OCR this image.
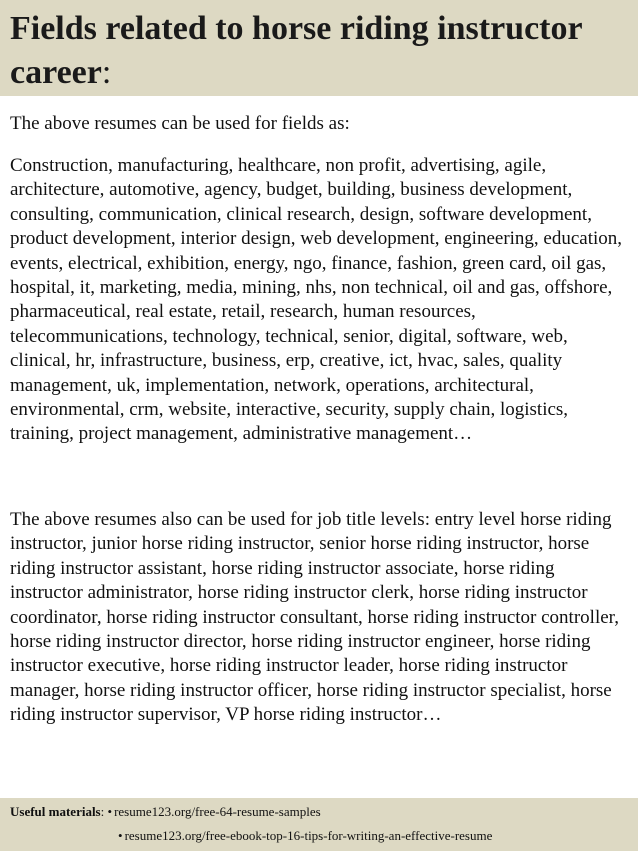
Fields related to horse riding instructor career:

The above resumes can be used for fields as:

Construction, manufacturing, healthcare, non profit, advertising, agile, architecture, automotive, agency, budget, building, business development, consulting, communication, clinical research, design, software development, product development, interior design, web development, engineering, education, events, electrical, exhibition, energy, ngo, finance, fashion, green card, oil gas, hospital, it, marketing, media, mining, nhs, non technical, oil and gas, offshore, pharmaceutical, real estate, retail, research, human resources, telecommunications, technology, technical, senior, digital, software, web, clinical, hr, infrastructure, business, erp, creative, ict, hvac, sales, quality management, uk, implementation, network, operations, architectural, environmental, crm, website, interactive, security, supply chain, logistics, training, project management, administrative management…

The above resumes also can be used for job title levels: entry level horse riding instructor, junior horse riding instructor, senior horse riding instructor, horse riding instructor assistant, horse riding instructor associate, horse riding instructor administrator, horse riding instructor clerk, horse riding instructor coordinator, horse riding instructor consultant, horse riding instructor controller, horse riding instructor director, horse riding instructor engineer, horse riding instructor executive, horse riding instructor leader, horse riding instructor manager, horse riding instructor officer, horse riding instructor specialist, horse riding instructor supervisor, VP horse riding instructor…

Useful materials: • resume123.org/free-64-resume-samples
• resume123.org/free-ebook-top-16-tips-for-writing-an-effective-resume
